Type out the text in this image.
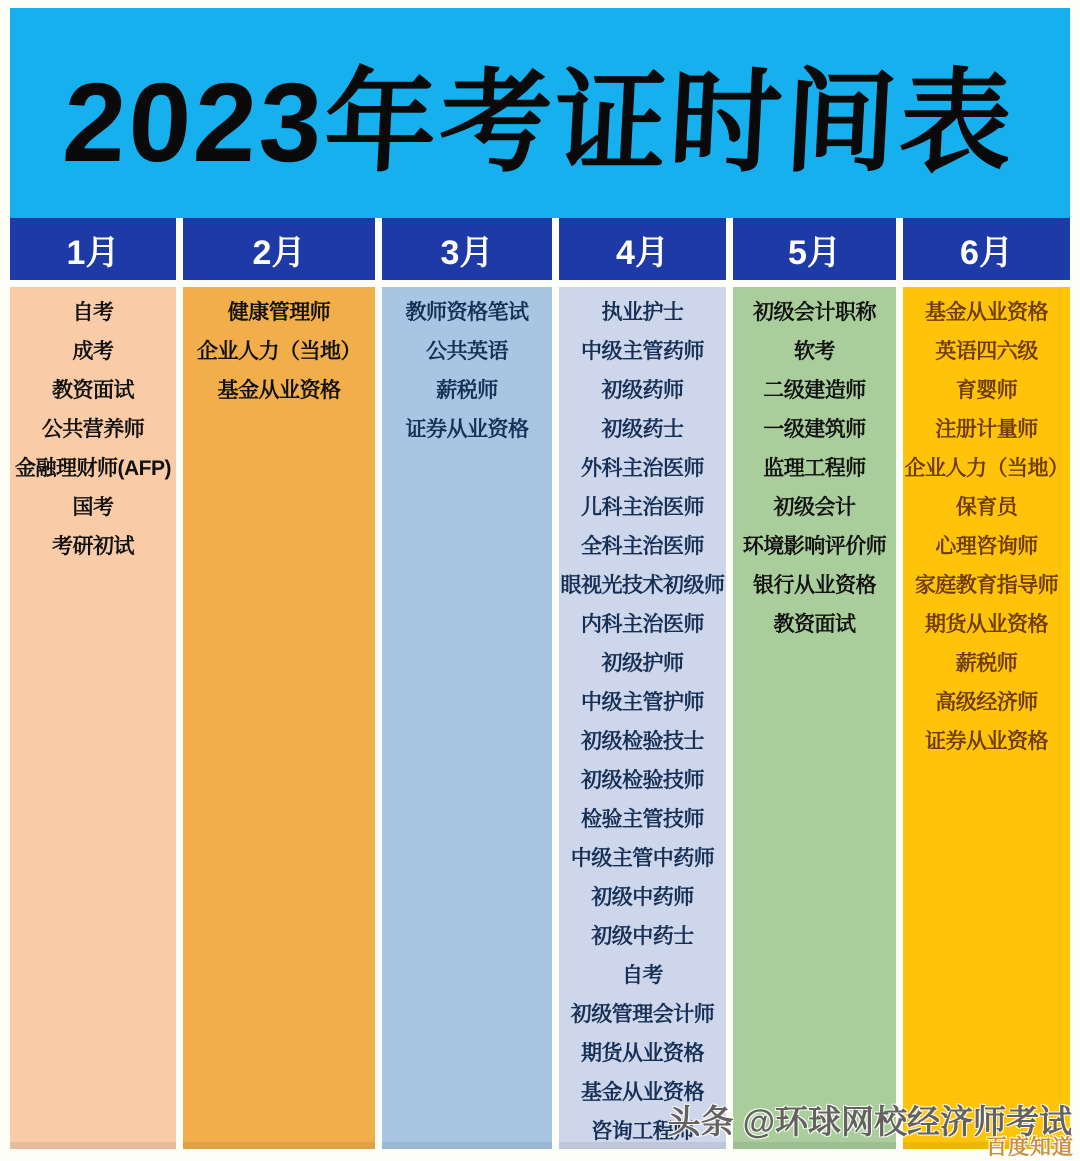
2023年考证时间表
1月
自考
成考
教资面试
公共营养师
金融理财师(AFP)
国考
考研初试
2月
健康管理师
企业人力（当地）
基金从业资格
3月
教师资格笔试
公共英语
薪税师
证券从业资格
4月
执业护士
中级主管药师
初级药师
初级药士
外科主治医师
儿科主治医师
全科主治医师
眼视光技术初级师
内科主治医师
初级护师
中级主管护师
初级检验技士
初级检验技师
检验主管技师
中级主管中药师
初级中药师
初级中药士
自考
初级管理会计师
期货从业资格
基金从业资格
咨询工程师
5月
初级会计职称
软考
二级建造师
一级建筑师
监理工程师
初级会计
环境影响评价师
银行从业资格
教资面试
6月
基金从业资格
英语四六级
育婴师
注册计量师
企业人力（当地）
保育员
心理咨询师
家庭教育指导师
期货从业资格
薪税师
高级经济师
证券从业资格
头条 @环球网校经济师考试
百度知道
